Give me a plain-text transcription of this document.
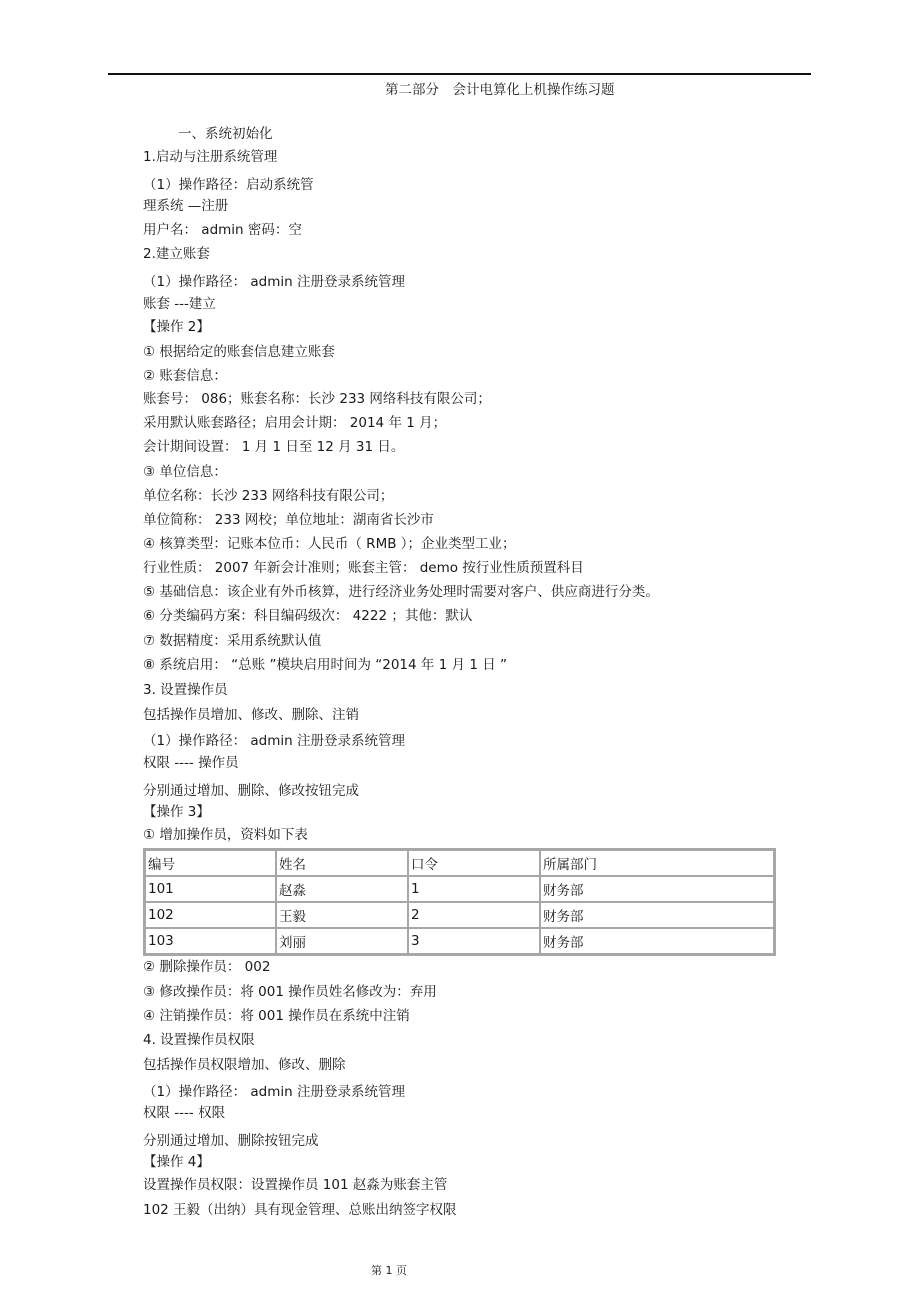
第二部分　会计电算化上机操作练习题
一、系统初始化
1.启动与注册系统管理
（1）操作路径：启动系统管
理系统 —注册
用户名： admin 密码：空
2.建立账套
（1）操作路径： admin 注册登录系统管理
账套 ---建立
【操作 2】
① 根据给定的账套信息建立账套
② 账套信息：
账套号： 086；账套名称：长沙 233 网络科技有限公司；
采用默认账套路径；启用会计期： 2014 年 1 月；
会计期间设置： 1 月 1 日至 12 月 31 日。
③ 单位信息：
单位名称：长沙 233 网络科技有限公司；
单位简称： 233 网校；单位地址：湖南省长沙市
④ 核算类型：记账本位币：人民币（ RMB ）；企业类型工业；
行业性质： 2007 年新会计准则；账套主管： demo 按行业性质预置科目
⑤ 基础信息：该企业有外币核算，进行经济业务处理时需要对客户、供应商进行分类。
⑥ 分类编码方案：科目编码级次： 4222 ；其他：默认
⑦ 数据精度：采用系统默认值
⑧ 系统启用： “总账 ”模块启用时间为 “2014 年 1 月 1 日 ”
3. 设置操作员
包括操作员增加、修改、删除、注销
（1）操作路径： admin 注册登录系统管理
权限 ---- 操作员
分别通过增加、删除、修改按钮完成
【操作 3】
① 增加操作员，资料如下表
编号	姓名	口令	所属部门
101	赵淼	1	财务部
102	王毅	2	财务部
103	刘丽	3	财务部
② 删除操作员： 002
③ 修改操作员：将 001 操作员姓名修改为：弃用
④ 注销操作员：将 001 操作员在系统中注销
4. 设置操作员权限
包括操作员权限增加、修改、删除
（1）操作路径： admin 注册登录系统管理
权限 ---- 权限
分别通过增加、删除按钮完成
【操作 4】
设置操作员权限：设置操作员 101 赵淼为账套主管
102 王毅（出纳）具有现金管理、总账出纳签字权限
第 1 页
